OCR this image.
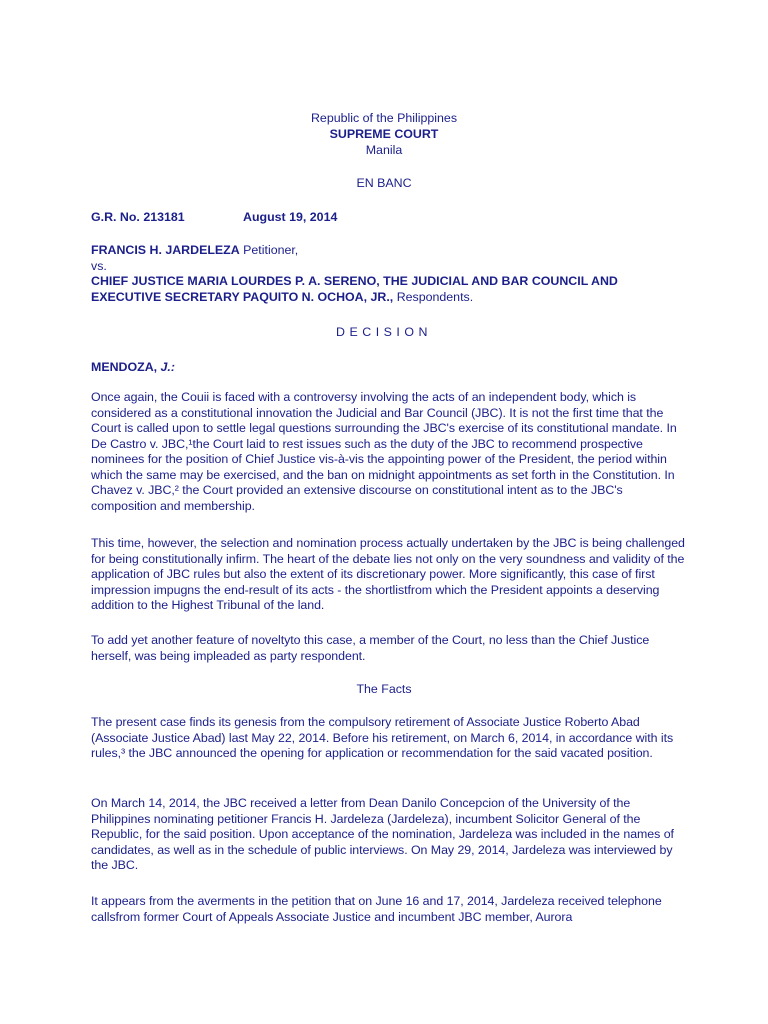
Republic of the Philippines
SUPREME COURT
Manila
EN BANC
G.R. No. 213181	August 19, 2014
FRANCIS H. JARDELEZA Petitioner,
vs.
CHIEF JUSTICE MARIA LOURDES P. A. SERENO, THE JUDICIAL AND BAR COUNCIL AND
EXECUTIVE SECRETARY PAQUITO N. OCHOA, JR., Respondents.
DECISION
MENDOZA, J.:

Once again, the Couii is faced with a controversy involving the acts of an independent body, which is considered as a constitutional innovation the Judicial and Bar Council (JBC). It is not the first time that the Court is called upon to settle legal questions surrounding the JBC's exercise of its constitutional mandate. In De Castro v. JBC,¹the Court laid to rest issues such as the duty of the JBC to recommend prospective nominees for the position of Chief Justice vis-à-vis the appointing power of the President, the period within which the same may be exercised, and the ban on midnight appointments as set forth in the Constitution. In Chavez v. JBC,² the Court provided an extensive discourse on constitutional intent as to the JBC's composition and membership.

This time, however, the selection and nomination process actually undertaken by the JBC is being challenged for being constitutionally infirm. The heart of the debate lies not only on the very soundness and validity of the application of JBC rules but also the extent of its discretionary power. More significantly, this case of first impression impugns the end-result of its acts - the shortlistfrom which the President appoints a deserving addition to the Highest Tribunal of the land.

To add yet another feature of noveltyto this case, a member of the Court, no less than the Chief Justice herself, was being impleaded as party respondent.

The Facts

The present case finds its genesis from the compulsory retirement of Associate Justice Roberto Abad (Associate Justice Abad) last May 22, 2014. Before his retirement, on March 6, 2014, in accordance with its rules,³ the JBC announced the opening for application or recommendation for the said vacated position.

On March 14, 2014, the JBC received a letter from Dean Danilo Concepcion of the University of the Philippines nominating petitioner Francis H. Jardeleza (Jardeleza), incumbent Solicitor General of the Republic, for the said position. Upon acceptance of the nomination, Jardeleza was included in the names of candidates, as well as in the schedule of public interviews. On May 29, 2014, Jardeleza was interviewed by the JBC.

It appears from the averments in the petition that on June 16 and 17, 2014, Jardeleza received telephone callsfrom former Court of Appeals Associate Justice and incumbent JBC member, Aurora
